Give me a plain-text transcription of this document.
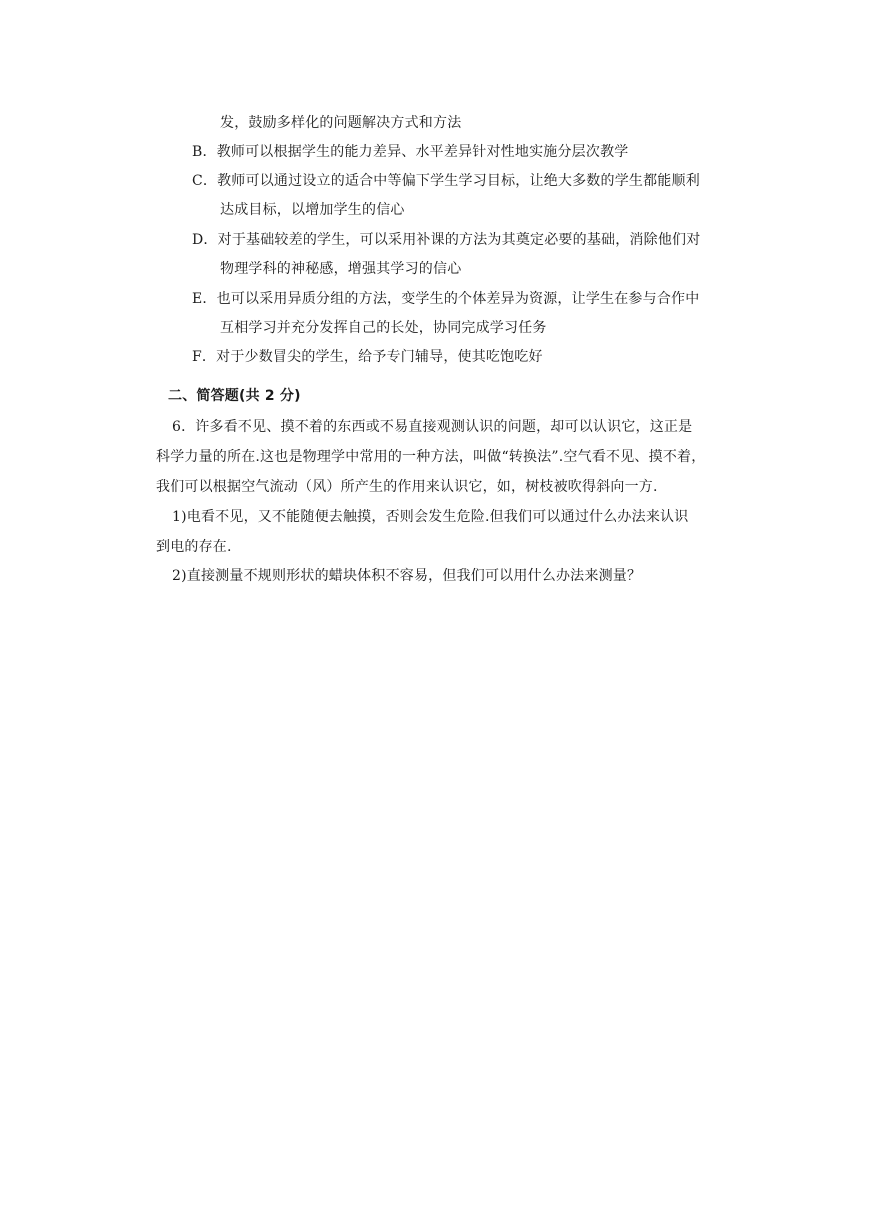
发，鼓励多样化的问题解决方式和方法
B．教师可以根据学生的能力差异、水平差异针对性地实施分层次教学
C．教师可以通过设立的适合中等偏下学生学习目标，让绝大多数的学生都能顺利
达成目标，以增加学生的信心
D．对于基础较差的学生，可以采用补课的方法为其奠定必要的基础，消除他们对
物理学科的神秘感，增强其学习的信心
E．也可以采用异质分组的方法，变学生的个体差异为资源，让学生在参与合作中
互相学习并充分发挥自己的长处，协同完成学习任务
F．对于少数冒尖的学生，给予专门辅导，使其吃饱吃好
二、简答题(共 2 分)
6．许多看不见、摸不着的东西或不易直接观测认识的问题，却可以认识它，这正是
科学力量的所在.这也是物理学中常用的一种方法，叫做“转换法”.空气看不见、摸不着，
我们可以根据空气流动（风）所产生的作用来认识它，如，树枝被吹得斜向一方.
1)电看不见，又不能随便去触摸，否则会发生危险.但我们可以通过什么办法来认识
到电的存在.
2)直接测量不规则形状的蜡块体积不容易，但我们可以用什么办法来测量？
